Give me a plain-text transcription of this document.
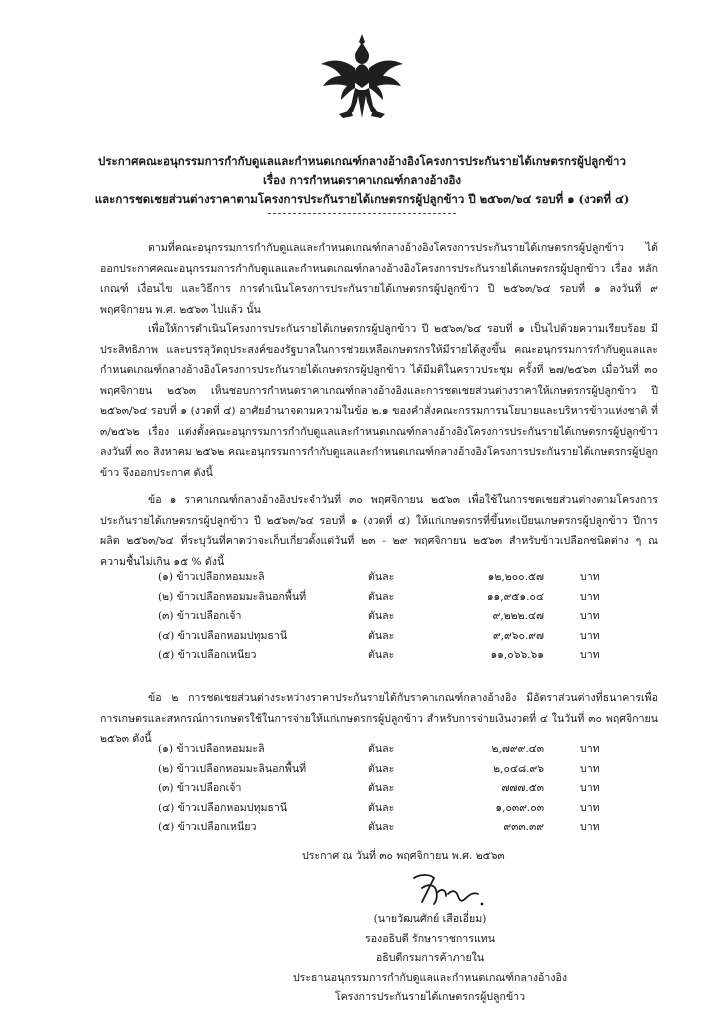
ประกาศคณะอนุกรรมการกำกับดูแลและกำหนดเกณฑ์กลางอ้างอิงโครงการประกันรายได้เกษตรกรผู้ปลูกข้าว
เรื่อง การกำหนดราคาเกณฑ์กลางอ้างอิง
และการชดเชยส่วนต่างราคาตามโครงการประกันรายได้เกษตรกรผู้ปลูกข้าว ปี ๒๕๖๓/๖๔ รอบที่ ๑ (งวดที่ ๔)
ตามที่คณะอนุกรรมการกำกับดูแลและกำหนดเกณฑ์กลางอ้างอิงโครงการประกันรายได้เกษตรกรผู้ปลูกข้าว ได้ออกประกาศคณะอนุกรรมการกำกับดูแลและกำหนดเกณฑ์กลางอ้างอิงโครงการประกันรายได้เกษตรกรผู้ปลูกข้าว เรื่อง หลักเกณฑ์ เงื่อนไข และวิธีการ การดำเนินโครงการประกันรายได้เกษตรกรผู้ปลูกข้าว ปี ๒๕๖๓/๖๔ รอบที่ ๑ ลงวันที่ ๙ พฤศจิกายน พ.ศ. ๒๕๖๓ ไปแล้ว นั้น
เพื่อให้การดำเนินโครงการประกันรายได้เกษตรกรผู้ปลูกข้าว ปี ๒๕๖๓/๖๔ รอบที่ ๑ เป็นไปด้วยความเรียบร้อย มีประสิทธิภาพ และบรรลุวัตถุประสงค์ของรัฐบาลในการช่วยเหลือเกษตรกรให้มีรายได้สูงขึ้น คณะอนุกรรมการกำกับดูแลและกำหนดเกณฑ์กลางอ้างอิงโครงการประกันรายได้เกษตรกรผู้ปลูกข้าว ได้มีมติในคราวประชุม ครั้งที่ ๒๗/๒๕๖๓ เมื่อวันที่ ๓๐ พฤศจิกายน ๒๕๖๓ เห็นชอบการกำหนดราคาเกณฑ์กลางอ้างอิงและการชดเชยส่วนต่างราคาให้เกษตรกรผู้ปลูกข้าว ปี ๒๕๖๓/๖๔ รอบที่ ๑ (งวดที่ ๔) อาศัยอำนาจตามความในข้อ ๒.๑ ของคำสั่งคณะกรรมการนโยบายและบริหารข้าวแห่งชาติ ที่ ๓/๒๕๖๒ เรื่อง แต่งตั้งคณะอนุกรรมการกำกับดูแลและกำหนดเกณฑ์กลางอ้างอิงโครงการประกันรายได้เกษตรกรผู้ปลูกข้าว ลงวันที่ ๓๐ สิงหาคม ๒๕๖๒ คณะอนุกรรมการกำกับดูแลและกำหนดเกณฑ์กลางอ้างอิงโครงการประกันรายได้เกษตรกรผู้ปลูกข้าว จึงออกประกาศ ดังนี้
ข้อ ๑ ราคาเกณฑ์กลางอ้างอิงประจำวันที่ ๓๐ พฤศจิกายน ๒๕๖๓ เพื่อใช้ในการชดเชยส่วนต่างตามโครงการประกันรายได้เกษตรกรผู้ปลูกข้าว ปี ๒๕๖๓/๖๔ รอบที่ ๑ (งวดที่ ๔) ให้แก่เกษตรกรที่ขึ้นทะเบียนเกษตรกรผู้ปลูกข้าว ปีการผลิต ๒๕๖๓/๖๔ ที่ระบุวันที่คาดว่าจะเก็บเกี่ยวตั้งแต่วันที่ ๒๓ - ๒๙ พฤศจิกายน ๒๕๖๓ สำหรับข้าวเปลือกชนิดต่าง ๆ ณ ความชื้นไม่เกิน ๑๕ % ดังนี้
(๑) ข้าวเปลือกหอมมะลิ	ตันละ	๑๒,๒๐๐.๕๗	บาท
(๒) ข้าวเปลือกหอมมะลินอกพื้นที่	ตันละ	๑๑,๙๕๑.๐๔	บาท
(๓) ข้าวเปลือกเจ้า	ตันละ	๙,๒๒๒.๔๗	บาท
(๔) ข้าวเปลือกหอมปทุมธานี	ตันละ	๙,๙๖๐.๙๗	บาท
(๕) ข้าวเปลือกเหนียว	ตันละ	๑๑,๐๖๖.๖๑	บาท
ข้อ ๒ การชดเชยส่วนต่างระหว่างราคาประกันรายได้กับราคาเกณฑ์กลางอ้างอิง มีอัตราส่วนต่างที่ธนาคารเพื่อการเกษตรและสหกรณ์การเกษตรใช้ในการจ่ายให้แก่เกษตรกรผู้ปลูกข้าว สำหรับการจ่ายเงินงวดที่ ๔ ในวันที่ ๓๐ พฤศจิกายน ๒๕๖๓ ดังนี้
(๑) ข้าวเปลือกหอมมะลิ	ตันละ	๒,๗๙๙.๔๓	บาท
(๒) ข้าวเปลือกหอมมะลินอกพื้นที่	ตันละ	๒,๐๔๘.๙๖	บาท
(๓) ข้าวเปลือกเจ้า	ตันละ	๗๗๗.๕๓	บาท
(๔) ข้าวเปลือกหอมปทุมธานี	ตันละ	๑,๐๓๙.๐๓	บาท
(๕) ข้าวเปลือกเหนียว	ตันละ	๙๓๓.๓๙	บาท
ประกาศ ณ วันที่ ๓๐ พฤศจิกายน พ.ศ. ๒๕๖๓
(นายวัฒนศักย์ เสือเอี่ยม)
รองอธิบดี รักษาราชการแทน
อธิบดีกรมการค้าภายใน
ประธานอนุกรรมการกำกับดูแลและกำหนดเกณฑ์กลางอ้างอิง
โครงการประกันรายได้เกษตรกรผู้ปลูกข้าว
